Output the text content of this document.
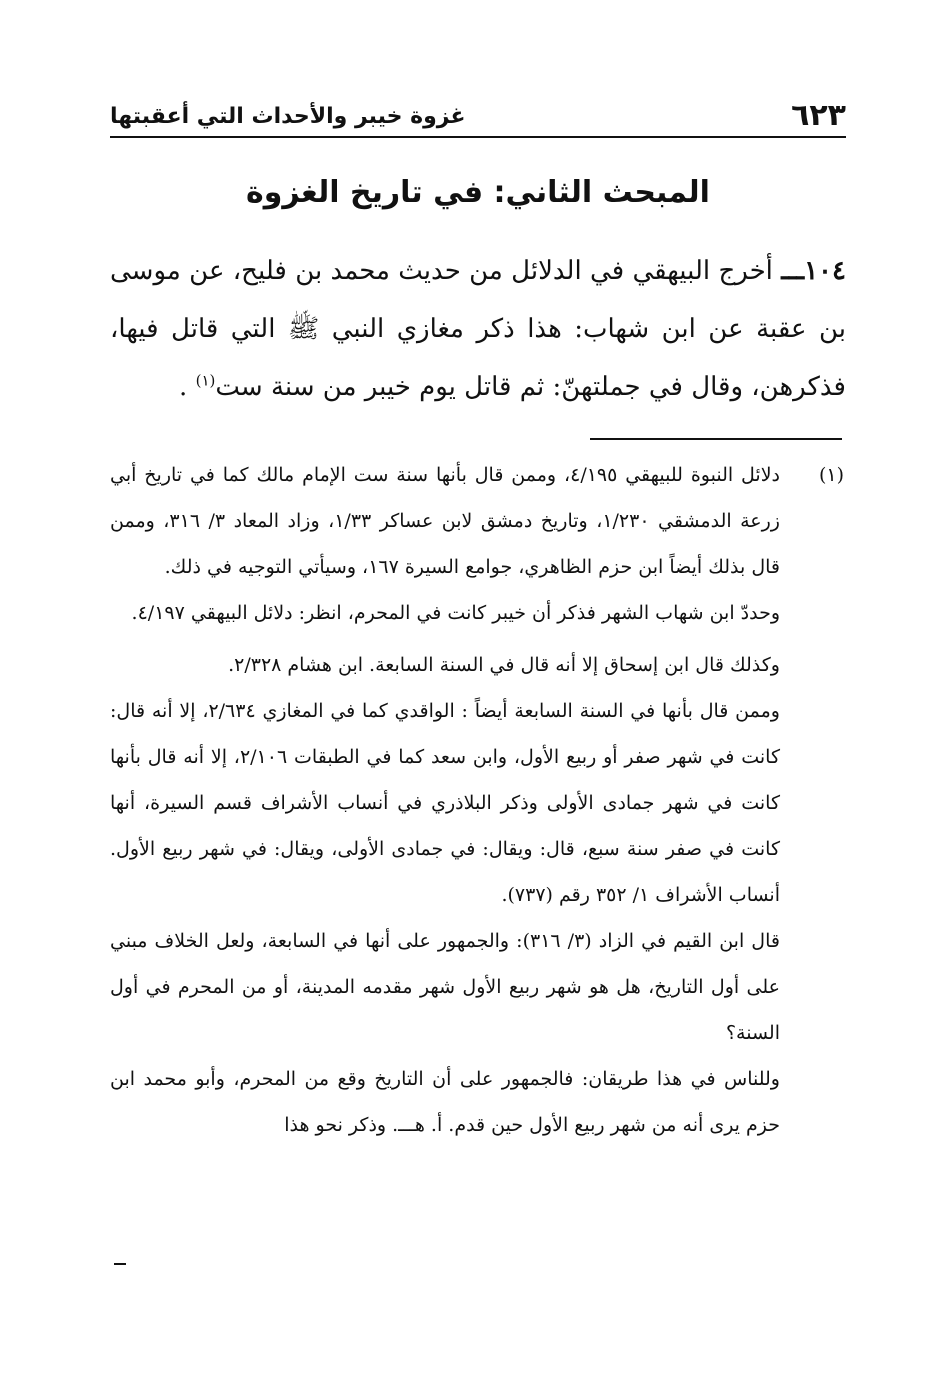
٦٢٣
غزوة خيبر والأحداث التي أعقبتها
المبحث الثاني: في تاريخ الغزوة
١٠٤ـــ أخرج البيهقي في الدلائل من حديث محمد بن فليح، عن موسى بن عقبة عن ابن شهاب: هذا ذكر مغازي النبي ﷺ التي قاتل فيها، فذكرهن، وقال في جملتهنّ: ثم قاتل يوم خيبر من سنة ست$^{(١)}$ .
(١)

دلائل النبوة للبيهقي ٤/١٩٥، وممن قال بأنها سنة ست الإمام مالك كما في تاريخ أبي زرعة الدمشقي ١/٢٣٠، وتاريخ دمشق لابن عساكر ١/٣٣، وزاد المعاد ٣/ ٣١٦، وممن قال بذلك أيضاً ابن حزم الظاهري، جوامع السيرة ١٦٧، وسيأتي التوجيه في ذلك.

وحددّ ابن شهاب الشهر فذكر أن خيبر كانت في المحرم، انظر: دلائل البيهقي ٤/١٩٧.

وكذلك قال ابن إسحاق إلا أنه قال في السنة السابعة. ابن هشام ٢/٣٢٨.

وممن قال بأنها في السنة السابعة أيضاً : الواقدي كما في المغازي ٢/٦٣٤، إلا أنه قال: كانت في شهر صفر أو ربيع الأول، وابن سعد كما في الطبقات ٢/١٠٦، إلا أنه قال بأنها كانت في شهر جمادى الأولى وذكر البلاذري في أنساب الأشراف قسم السيرة، أنها كانت في صفر سنة سبع، قال: ويقال: في جمادى الأولى، ويقال: في شهر ربيع الأول. أنساب الأشراف ١/ ٣٥٢ رقم (٧٣٧).

قال ابن القيم في الزاد (٣/ ٣١٦): والجمهور على أنها في السابعة، ولعل الخلاف مبني على أول التاريخ، هل هو شهر ربيع الأول شهر مقدمه المدينة، أو من المحرم في أول السنة؟

وللناس في هذا طريقان: فالجمهور على أن التاريخ وقع من المحرم، وأبو محمد ابن حزم يرى أنه من شهر ربيع الأول حين قدم. أ. هـــ. وذكر نحو هذا
